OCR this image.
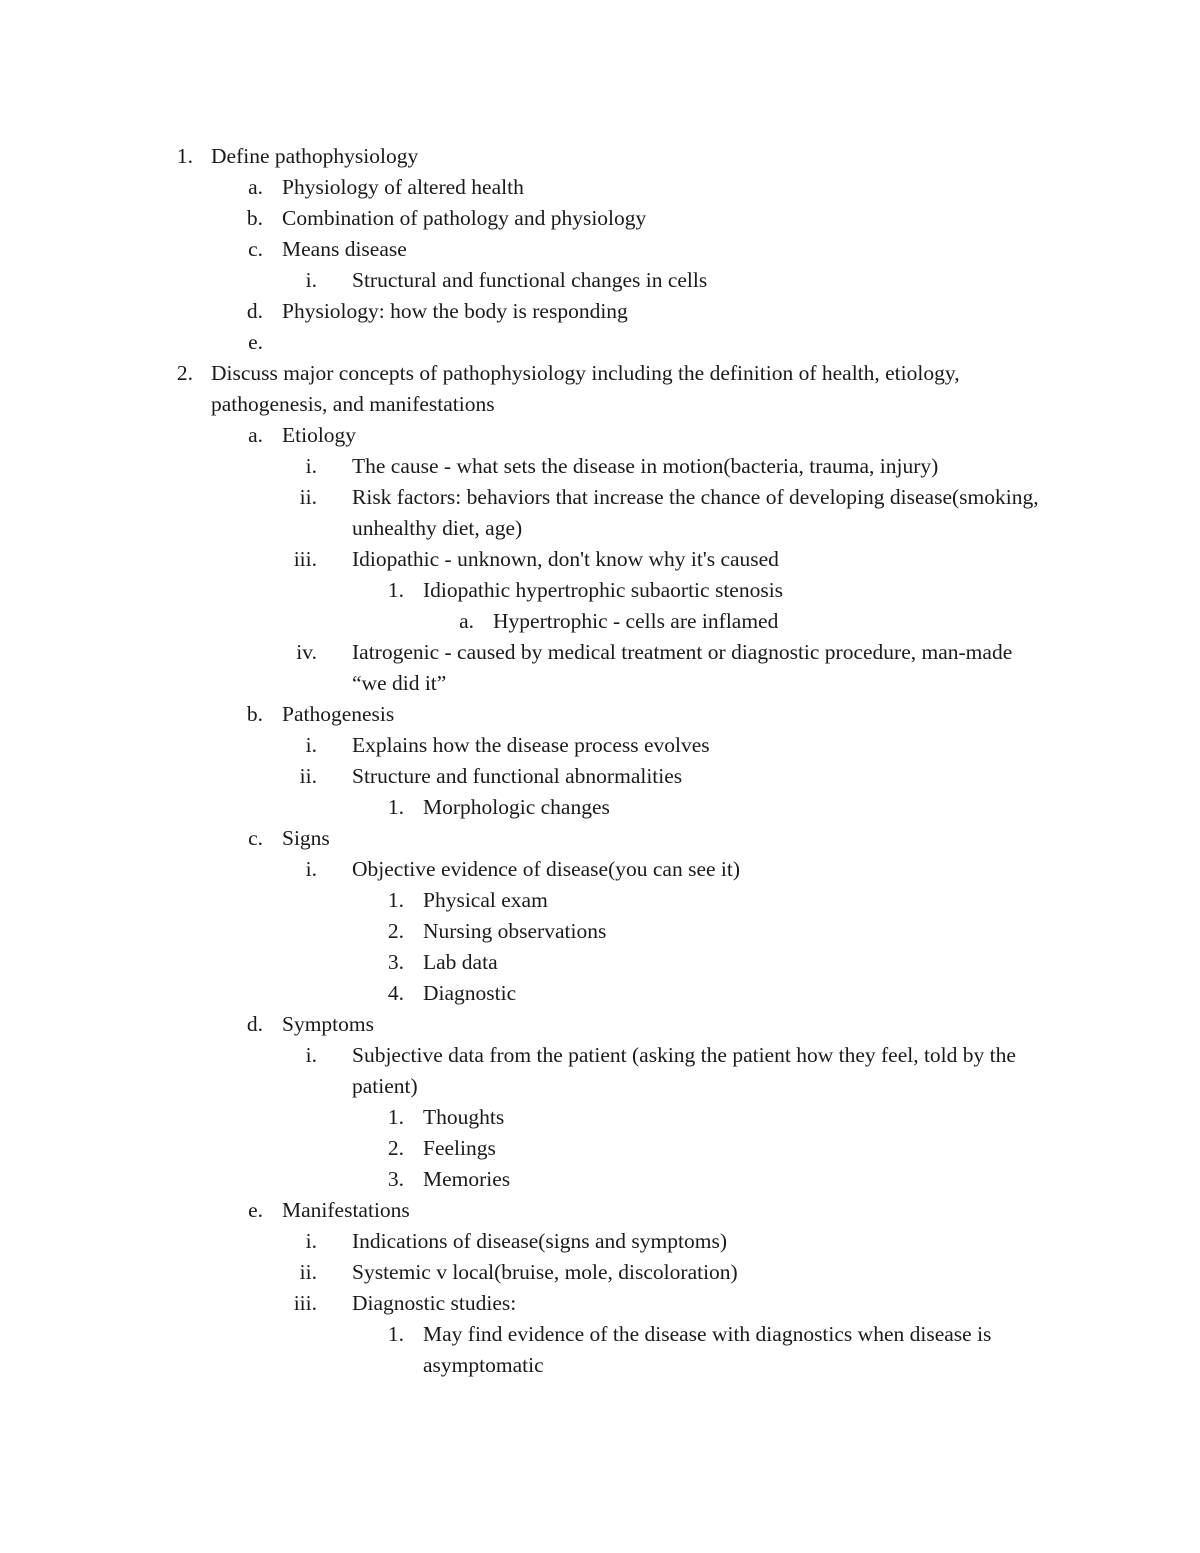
1. Define pathophysiology
a. Physiology of altered health
b. Combination of pathology and physiology
c. Means disease
i. Structural and functional changes in cells
d. Physiology: how the body is responding
e.
2. Discuss major concepts of pathophysiology including the definition of health, etiology, pathogenesis, and manifestations
a. Etiology
i. The cause - what sets the disease in motion(bacteria, trauma, injury)
ii. Risk factors: behaviors that increase the chance of developing disease(smoking, unhealthy diet, age)
iii. Idiopathic - unknown, don't know why it's caused
1. Idiopathic hypertrophic subaortic stenosis
a. Hypertrophic - cells are inflamed
iv. Iatrogenic - caused by medical treatment or diagnostic procedure, man-made “we did it”
b. Pathogenesis
i. Explains how the disease process evolves
ii. Structure and functional abnormalities
1. Morphologic changes
c. Signs
i. Objective evidence of disease(you can see it)
1. Physical exam
2. Nursing observations
3. Lab data
4. Diagnostic
d. Symptoms
i. Subjective data from the patient (asking the patient how they feel, told by the patient)
1. Thoughts
2. Feelings
3. Memories
e. Manifestations
i. Indications of disease(signs and symptoms)
ii. Systemic v local(bruise, mole, discoloration)
iii. Diagnostic studies:
1. May find evidence of the disease with diagnostics when disease is asymptomatic
